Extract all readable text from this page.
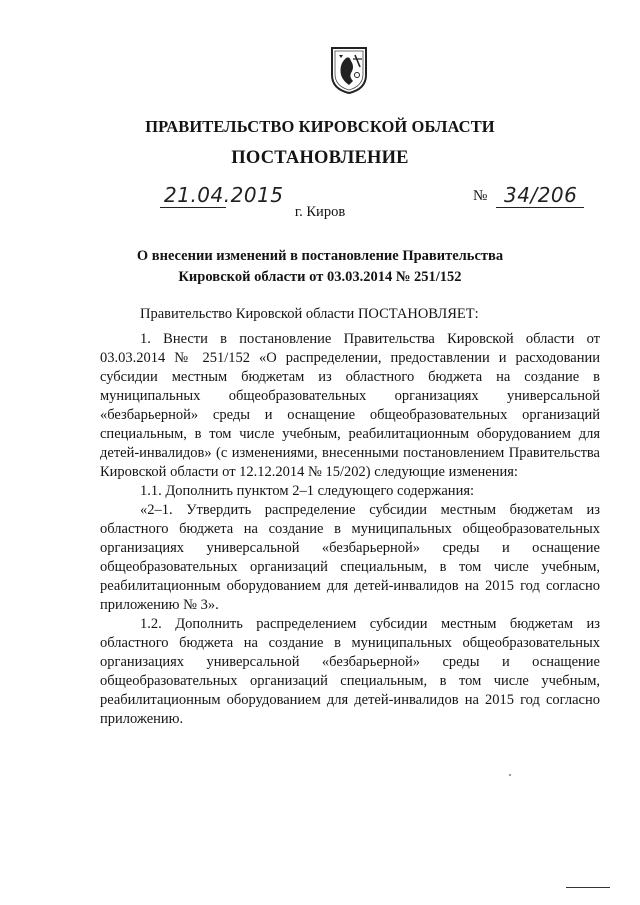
ПРАВИТЕЛЬСТВО КИРОВСКОЙ ОБЛАСТИ
ПОСТАНОВЛЕНИЕ
21.04.2015	№ 34/206
г. Киров
О внесении изменений в постановление Правительства
Кировской области от 03.03.2014 № 251/152

Правительство Кировской области ПОСТАНОВЛЯЕТ:

1. Внести в постановление Правительства Кировской области от 03.03.2014 № 251/152 «О распределении, предоставлении и расходовании субсидии местным бюджетам из областного бюджета на создание в муниципальных общеобразовательных организациях универсальной «безбарьерной» среды и оснащение общеобразовательных организаций специальным, в том числе учебным, реабилитационным оборудованием для детей-инвалидов» (с изменениями, внесенными постановлением Правительства Кировской области от 12.12.2014 № 15/202) следующие изменения:

1.1. Дополнить пунктом 2–1 следующего содержания:

«2–1. Утвердить распределение субсидии местным бюджетам из областного бюджета на создание в муниципальных общеобразовательных организациях универсальной «безбарьерной» среды и оснащение общеобразовательных организаций специальным, в том числе учебным, реабилитационным оборудованием для детей-инвалидов на 2015 год согласно приложению № 3».

1.2. Дополнить распределением субсидии местным бюджетам из областного бюджета на создание в муниципальных общеобразовательных организациях универсальной «безбарьерной» среды и оснащение общеобразовательных организаций специальным, в том числе учебным, реабилитационным оборудованием для детей-инвалидов на 2015 год согласно приложению.
